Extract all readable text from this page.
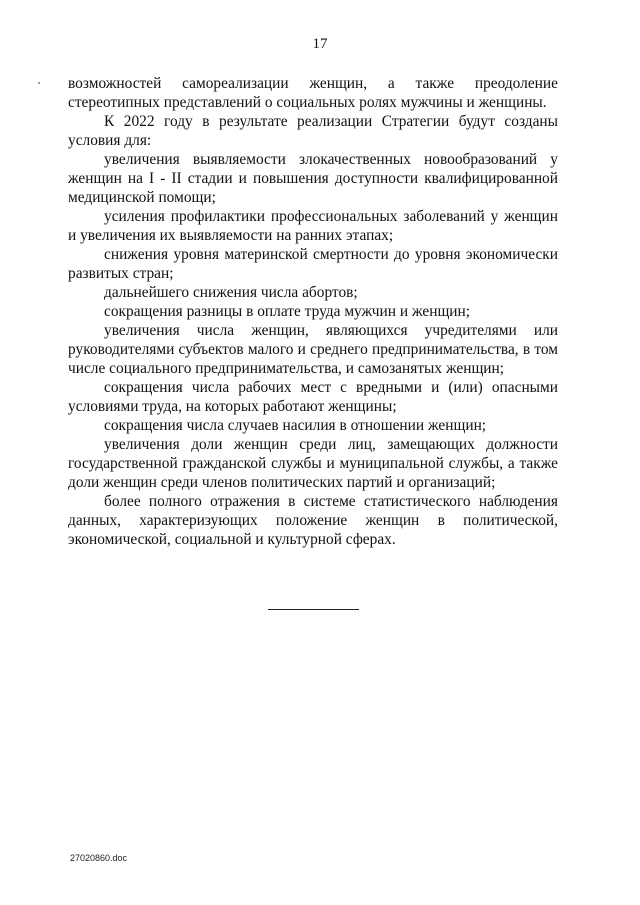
17

возможностей самореализации женщин, а также преодоление стереотипных представлений о социальных ролях мужчины и женщины.

К 2022 году в результате реализации Стратегии будут созданы условия для:

увеличения выявляемости злокачественных новообразований у женщин на I - II стадии и повышения доступности квалифицированной медицинской помощи;

усиления профилактики профессиональных заболеваний у женщин и увеличения их выявляемости на ранних этапах;

снижения уровня материнской смертности до уровня экономически развитых стран;

дальнейшего снижения числа абортов;

сокращения разницы в оплате труда мужчин и женщин;

увеличения числа женщин, являющихся учредителями или руководителями субъектов малого и среднего предпринимательства, в том числе социального предпринимательства, и самозанятых женщин;

сокращения числа рабочих мест с вредными и (или) опасными условиями труда, на которых работают женщины;

сокращения числа случаев насилия в отношении женщин;

увеличения доли женщин среди лиц, замещающих должности государственной гражданской службы и муниципальной службы, а также доли женщин среди членов политических партий и организаций;

более полного отражения в системе статистического наблюдения данных, характеризующих положение женщин в политической, экономической, социальной и культурной сферах.

27020860.doc
